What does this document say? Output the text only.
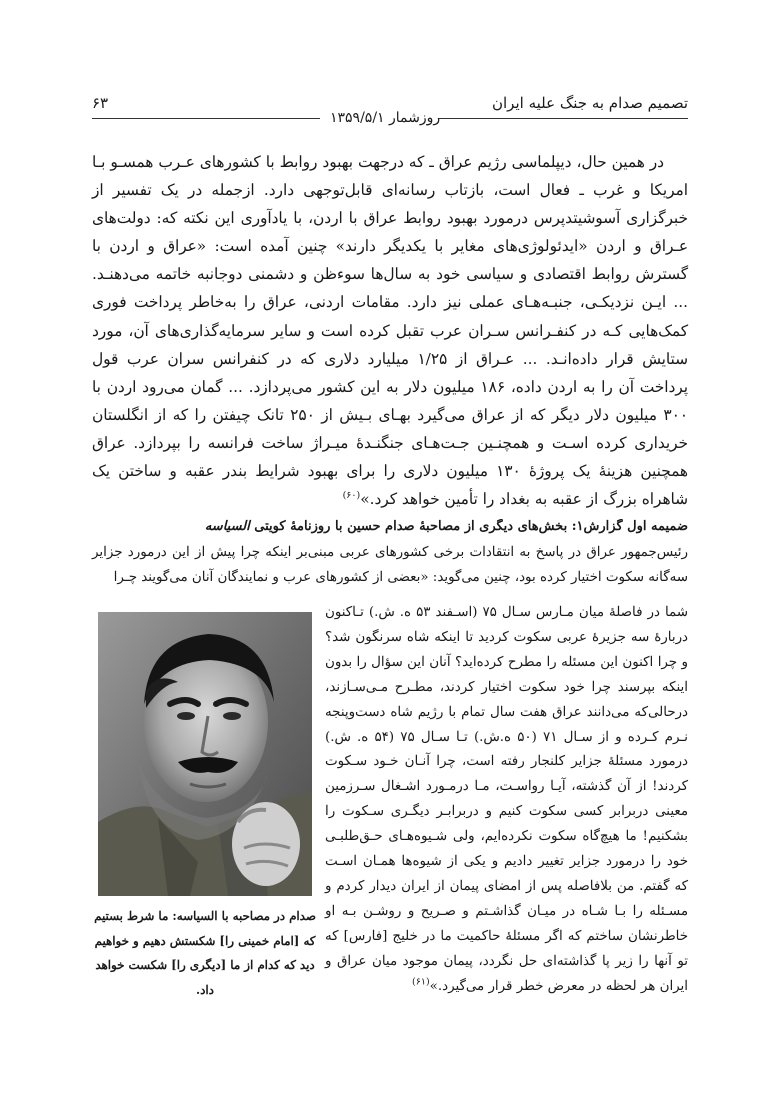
تصمیم صدام به جنگ علیه ایران
۶۳
روزشمار ۱۳۵۹/۵/۱
در همین حال، دیپلماسی رژیم عراق ـ که درجهت بهبود روابط با کشورهای عـرب همسـو بـا امریکا و غرب ـ فعال است، بازتاب رسانه‌ای قابل‌توجهی دارد. ازجمله در یک تفسیر از خبرگزاری آسوشیتدپرس درمورد بهبود روابط عراق با اردن، با یادآوری این نکته که: دولت‌های عـراق و اردن «ایدئولوژی‌های مغایر با یکدیگر دارند» چنین آمده است: «عراق و اردن با گسترش روابط اقتصادی و سیاسی خود به سال‌ها سوءظن و دشمنی دوجانبه خاتمه می‌دهنـد. ... ایـن نزدیکـی، جنبـه‌هـای عملی نیز دارد. مقامات اردنی، عراق را به‌خاطر پرداخت فوری کمک‌هایی کـه در کنفـرانس سـران عرب تقبل کرده است و سایر سرمایه‌گذاری‌های آن، مورد ستایش قرار داده‌انـد. ... عـراق از ۱/۲۵ میلیارد دلاری که در کنفرانس سران عرب قول پرداخت آن را به اردن داده، ۱۸۶ میلیون دلار به این کشور می‌پردازد. ... گمان می‌رود اردن با ۳۰۰ میلیون دلار دیگر که از عراق می‌گیرد بهـای بـیش از ۲۵۰ تانک چیفتن را که از انگلستان خریداری کرده اسـت و همچنـین جـت‌هـای جنگنـدۀ میـراژ ساخت فرانسه را بپردازد. عراق همچنین هزینۀ یک پروژۀ ۱۳۰ میلیون دلاری را برای بهبود شرایط بندر عقبه و ساختن یک شاهراه بزرگ از عقبه به بغداد را تأمین خواهد کرد.»$^{(۶۰)}$
ضمیمه اول گزارش۱: بخش‌های دیگری از مصاحبۀ صدام حسین با روزنامۀ کویتی السیاسه
رئیس‌جمهور عراق در پاسخ به انتقادات برخی کشورهای عربی مبنی‌بر اینکه چرا پیش از این درمورد جزایر سه‌گانه سکوت اختیار کرده بود، چنین می‌گوید: «بعضی از کشورهای عرب و نمایندگان آنان می‌گویند چـرا
شما در فاصلۀ میان مـارس سـال ۷۵ (اسـفند ۵۳ ه. ش.) تـاکنون دربارۀ سه جزیرۀ عربی سکوت کردید تا اینکه شاه سرنگون شد؟ و چرا اکنون این مسئله را مطرح کرده‌اید؟ آنان این سؤال را بدون اینکه بپرسند چرا خود سکوت اختیار کردند، مطـرح مـی‌سـازند، درحالی‌که می‌دانند عراق هفت سال تمام با رژیم شاه دست‌وپنجه نـرم کـرده و از سـال ۷۱ (۵۰ ه.ش.) تـا سـال ۷۵ (۵۴ ه. ش.) درمورد مسئلۀ جزایر کلنجار رفته است، چرا آنـان خـود سـکوت کردند! از آن گذشته، آیـا رواسـت، مـا درمـورد اشـغال سـرزمین معینی دربرابر کسی سکوت کنیم و دربرابـر دیگـری سـکوت را بشکنیم! ما هیچ‌گاه سکوت نکرده‌ایم، ولی شـیوه‌هـای حـق‌طلبـی خود را درمورد جزایر تغییر دادیم و یکی از شیوه‌ها همـان اسـت که گفتم. من بلافاصله پس از امضای پیمان از ایران دیدار کردم و مسـئله را بـا شـاه در میـان گذاشـتم و صـریح و روشـن بـه او خاطرنشان ساختم که اگر مسئلۀ حاکمیت ما در خلیج [فارس] که تو آنها را زیر پا گذاشته‌ای حل نگردد، پیمان موجود میان عراق و ایران هر لحظه در معرض خطر قرار می‌گیرد.»$^{(۶۱)}$
صدام در مصاحبه با السیاسه: ما شرط بستیم که [امام خمینی را] شکستش دهیم و خواهیم دید که کدام از ما [دیگری را] شکست خواهد داد.
